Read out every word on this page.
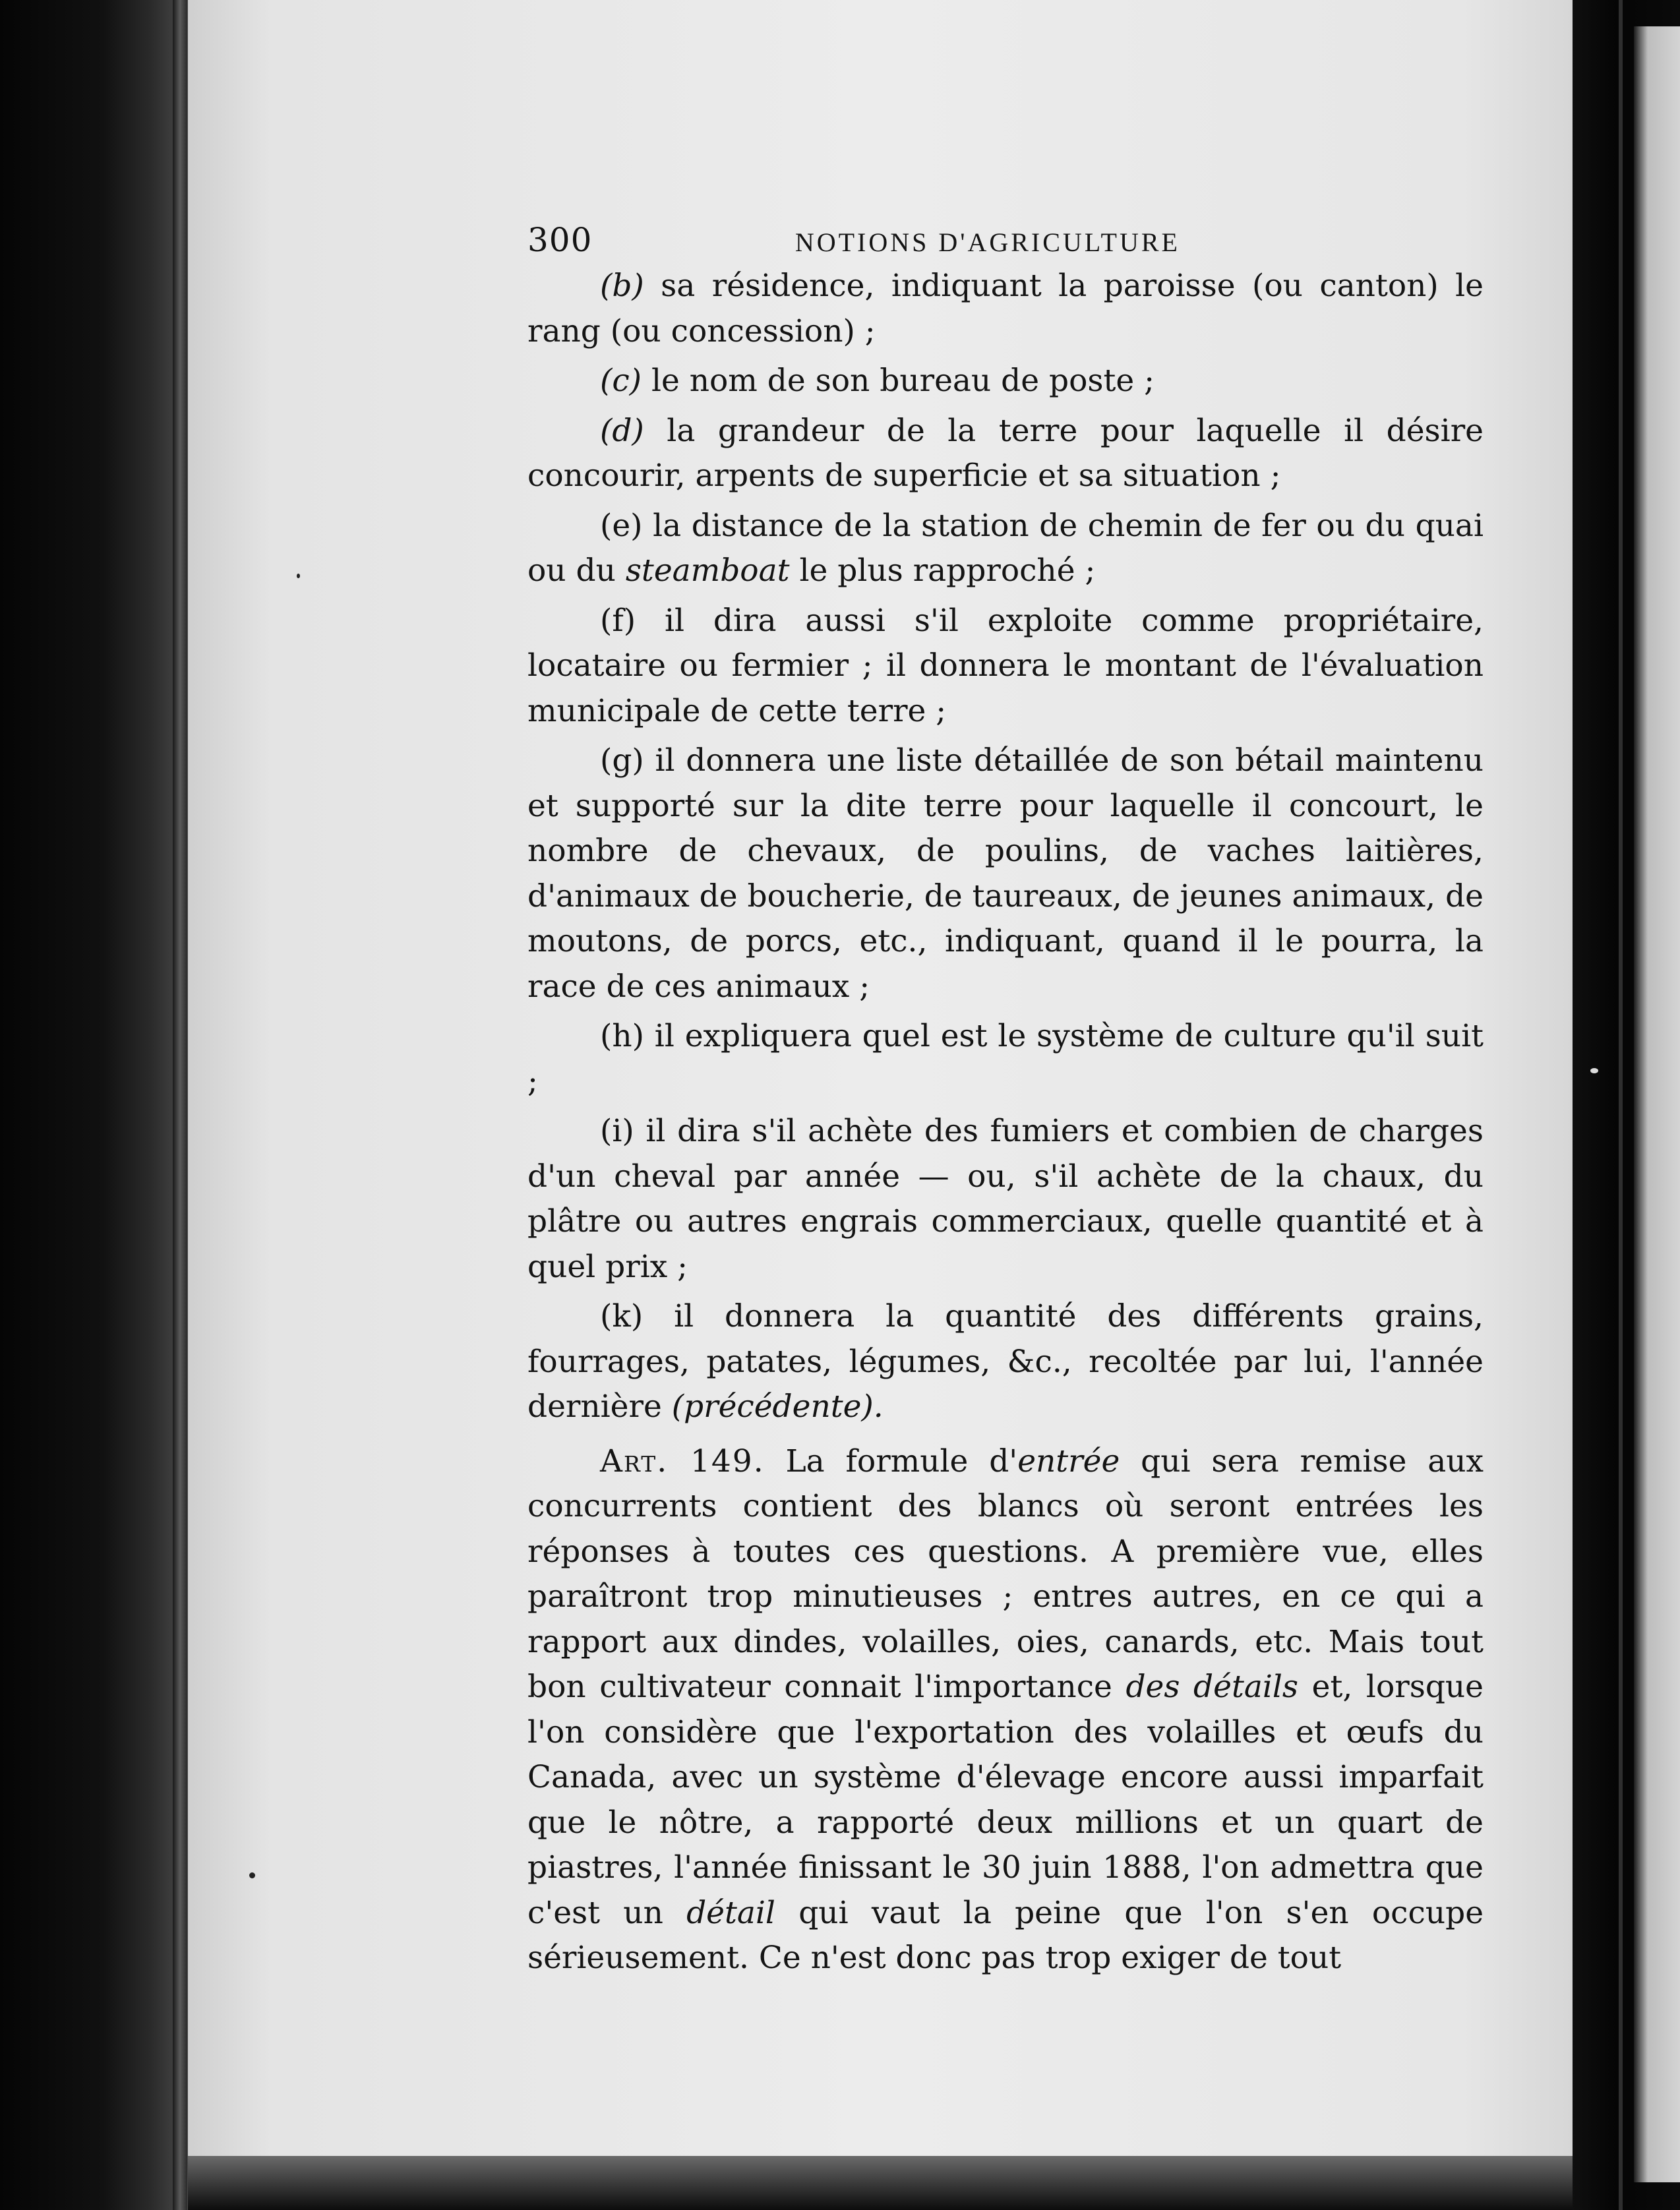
300	NOTIONS D'AGRICULTURE

(b) sa résidence, indiquant la paroisse (ou canton) le rang (ou concession) ;

(c) le nom de son bureau de poste ;

(d) la grandeur de la terre pour laquelle il désire concourir, arpents de superficie et sa situation ;

(e) la distance de la station de chemin de fer ou du quai ou du steamboat le plus rapproché ;

(f) il dira aussi s'il exploite comme propriétaire, locataire ou fermier ; il donnera le montant de l'évaluation municipale de cette terre ;

(g) il donnera une liste détaillée de son bétail maintenu et supporté sur la dite terre pour laquelle il concourt, le nombre de chevaux, de poulins, de vaches laitières, d'animaux de boucherie, de taureaux, de jeunes animaux, de moutons, de porcs, etc., indiquant, quand il le pourra, la race de ces animaux ;

(h) il expliquera quel est le système de culture qu'il suit ;

(i) il dira s'il achète des fumiers et combien de charges d'un cheval par année — ou, s'il achète de la chaux, du plâtre ou autres engrais commerciaux, quelle quantité et à quel prix ;

(k) il donnera la quantité des différents grains, fourrages, patates, légumes, &c., recoltée par lui, l'année dernière (précédente).

Art. 149. La formule d'entrée qui sera remise aux concurrents contient des blancs où seront entrées les réponses à toutes ces questions. A première vue, elles paraîtront trop minutieuses ; entres autres, en ce qui a rapport aux dindes, volailles, oies, canards, etc. Mais tout bon cultivateur connait l'importance des détails et, lorsque l'on considère que l'exportation des volailles et œufs du Canada, avec un système d'élevage encore aussi imparfait que le nôtre, a rapporté deux millions et un quart de piastres, l'année finissant le 30 juin 1888, l'on admettra que c'est un détail qui vaut la peine que l'on s'en occupe sérieusement. Ce n'est donc pas trop exiger de tout
